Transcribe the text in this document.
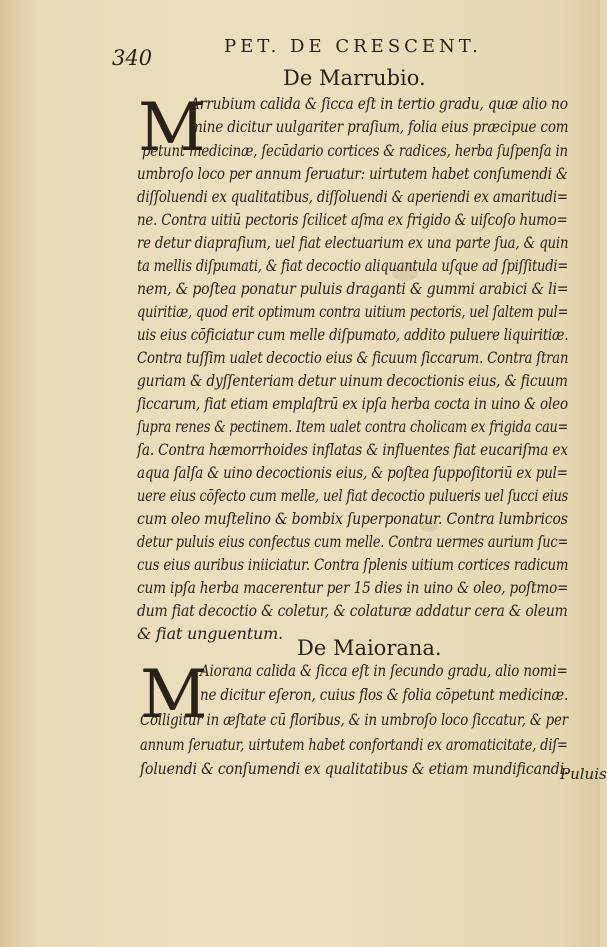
340	PET. DE CRESCENT.
De Marrubio.
M
Arrubium calida & ſicca eſt in tertio gradu, quæ alio no
mine dicitur uulgariter praſium, folia eius præcipue com
petunt medicinæ, ſecūdario cortices & radices, herba ſuſpenſa in
umbroſo loco per annum ſeruatur: uirtutem habet conſumendi &
diſſoluendi ex qualitatibus, diſſoluendi & aperiendi ex amaritudi=
ne. Contra uitiū pectoris ſcilicet aſma ex frigido & uiſcoſo humo=
re detur diapraſium, uel fiat electuarium ex una parte ſua, & quin
ta mellis diſpumati, & fiat decoctio aliquantula uſque ad ſpiſſitudi=
nem, & poſtea ponatur puluis draganti & gummi arabici & li=
quiritiæ, quod erit optimum contra uitium pectoris, uel ſaltem pul=
uis eius cōficiatur cum melle diſpumato, addito puluere liquiritiæ.
Contra tuſſim ualet decoctio eius & ficuum ſiccarum. Contra ſtran
guriam & dyſſenteriam detur uinum decoctionis eius, & ficuum
ſiccarum, fiat etiam emplaſtrū ex ipſa herba cocta in uino & oleo
ſupra renes & pectinem. Item ualet contra cholicam ex frigida cau=
ſa. Contra hæmorrhoides inflatas & influentes fiat eucariſma ex
aqua ſalſa & uino decoctionis eius, & poſtea ſuppoſitoriū ex pul=
uere eius cōfecto cum melle, uel fiat decoctio pulueris uel ſucci eius
cum oleo muſtelino & bombix ſuperponatur. Contra lumbricos
detur puluis eius confectus cum melle. Contra uermes aurium ſuc=
cus eius auribus iniiciatur. Contra ſplenis uitium cortices radicum
cum ipſa herba macerentur per 15 dies in uino & oleo, poſtmo=
dum fiat decoctio & coletur, & colaturæ addatur cera & oleum
& fiat unguentum.
De Maiorana.
M
Aiorana calida & ſicca eſt in ſecundo gradu, alio nomi=
ne dicitur eſeron, cuius flos & folia cōpetunt medicinæ.
Colligitur in æſtate cū floribus, & in umbroſo loco ſiccatur, & per
annum ſeruatur, uirtutem habet confortandi ex aromaticitate, diſ=
ſoluendi & conſumendi ex qualitatibus & etiam mundificandi.
Puluis
